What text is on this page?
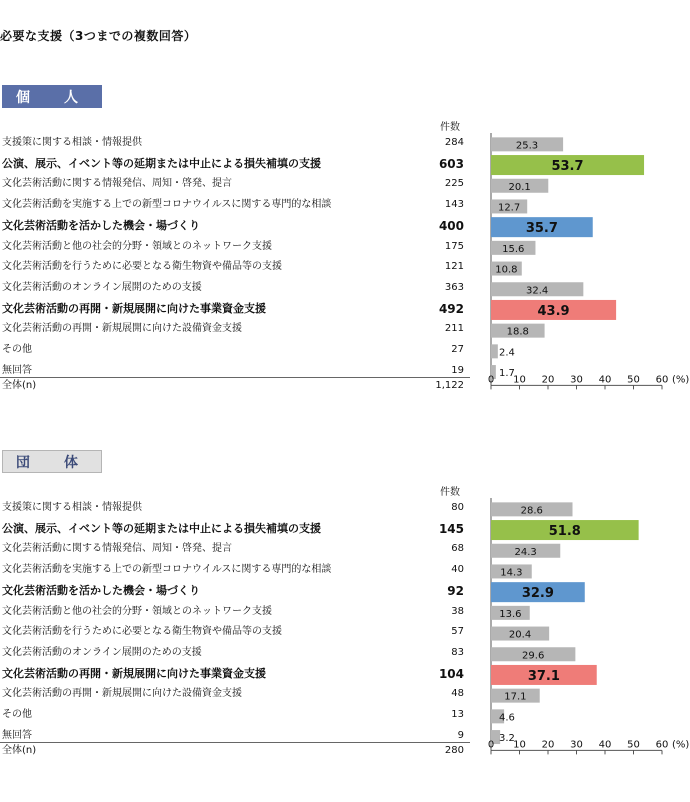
必要な支援（3つまでの複数回答）
個　人
件数
25.3
53.7
20.1
12.7
35.7
15.6
10.8
32.4
43.9
18.8
2.4
1.7
0 10 20 30 40 50 60 (%)
支援策に関する相談・情報提供	284
公演、展示、イベント等の延期または中止による損失補填の支援	603
文化芸術活動に関する情報発信、周知・啓発、提言	225
文化芸術活動を実施する上での新型コロナウイルスに関する専門的な相談	143
文化芸術活動を活かした機会・場づくり	400
文化芸術活動と他の社会的分野・領域とのネットワーク支援	175
文化芸術活動を行うために必要となる衛生物資や備品等の支援	121
文化芸術活動のオンライン展開のための支援	363
文化芸術活動の再開・新規展開に向けた事業資金支援	492
文化芸術活動の再開・新規展開に向けた設備資金支援	211
その他	27
無回答	19
全体(n)	1,122
団　体
件数
28.6
51.8
24.3
14.3
32.9
13.6
20.4
29.6
37.1
17.1
4.6
3.2
0 10 20 30 40 50 60 (%)
支援策に関する相談・情報提供	80
公演、展示、イベント等の延期または中止による損失補填の支援	145
文化芸術活動に関する情報発信、周知・啓発、提言	68
文化芸術活動を実施する上での新型コロナウイルスに関する専門的な相談	40
文化芸術活動を活かした機会・場づくり	92
文化芸術活動と他の社会的分野・領域とのネットワーク支援	38
文化芸術活動を行うために必要となる衛生物資や備品等の支援	57
文化芸術活動のオンライン展開のための支援	83
文化芸術活動の再開・新規展開に向けた事業資金支援	104
文化芸術活動の再開・新規展開に向けた設備資金支援	48
その他	13
無回答	9
全体(n)	280
